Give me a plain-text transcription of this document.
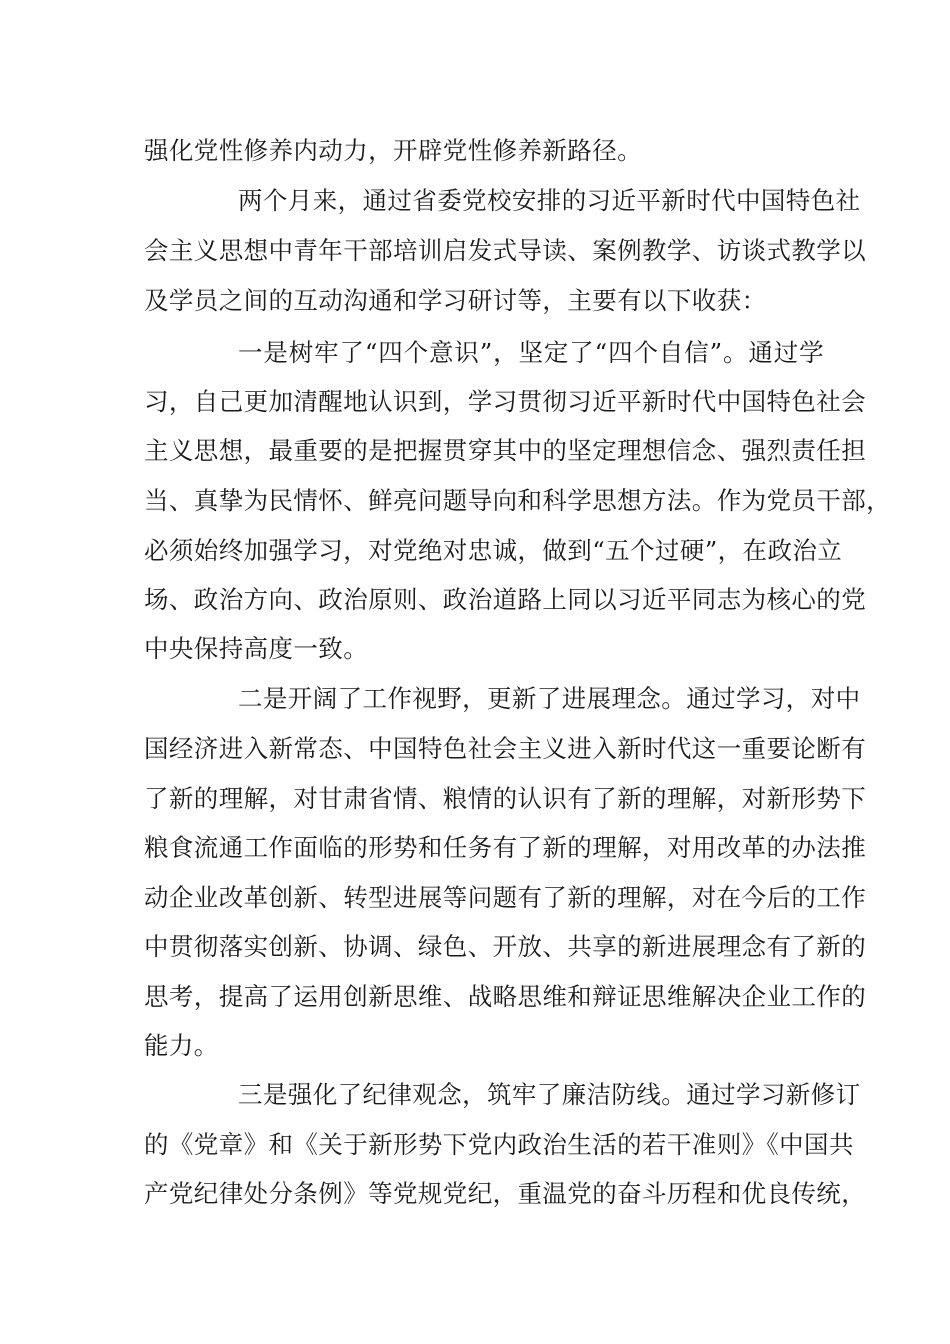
强化党性修养内动力，开辟党性修养新路径。
两个月来，通过省委党校安排的习近平新时代中国特色社
会主义思想中青年干部培训启发式导读、案例教学、访谈式教学以
及学员之间的互动沟通和学习研讨等，主要有以下收获：
一是树牢了“四个意识”，坚定了“四个自信”。通过学
习，自己更加清醒地认识到，学习贯彻习近平新时代中国特色社会
主义思想，最重要的是把握贯穿其中的坚定理想信念、强烈责任担
当、真挚为民情怀、鲜亮问题导向和科学思想方法。作为党员干部，
必须始终加强学习，对党绝对忠诚，做到“五个过硬”，在政治立
场、政治方向、政治原则、政治道路上同以习近平同志为核心的党
中央保持高度一致。
二是开阔了工作视野，更新了进展理念。通过学习，对中
国经济进入新常态、中国特色社会主义进入新时代这一重要论断有
了新的理解，对甘肃省情、粮情的认识有了新的理解，对新形势下
粮食流通工作面临的形势和任务有了新的理解，对用改革的办法推
动企业改革创新、转型进展等问题有了新的理解，对在今后的工作
中贯彻落实创新、协调、绿色、开放、共享的新进展理念有了新的
思考，提高了运用创新思维、战略思维和辩证思维解决企业工作的
能力。
三是强化了纪律观念，筑牢了廉洁防线。通过学习新修订
的《党章》和《关于新形势下党内政治生活的若干准则》《中国共
产党纪律处分条例》等党规党纪，重温党的奋斗历程和优良传统，
